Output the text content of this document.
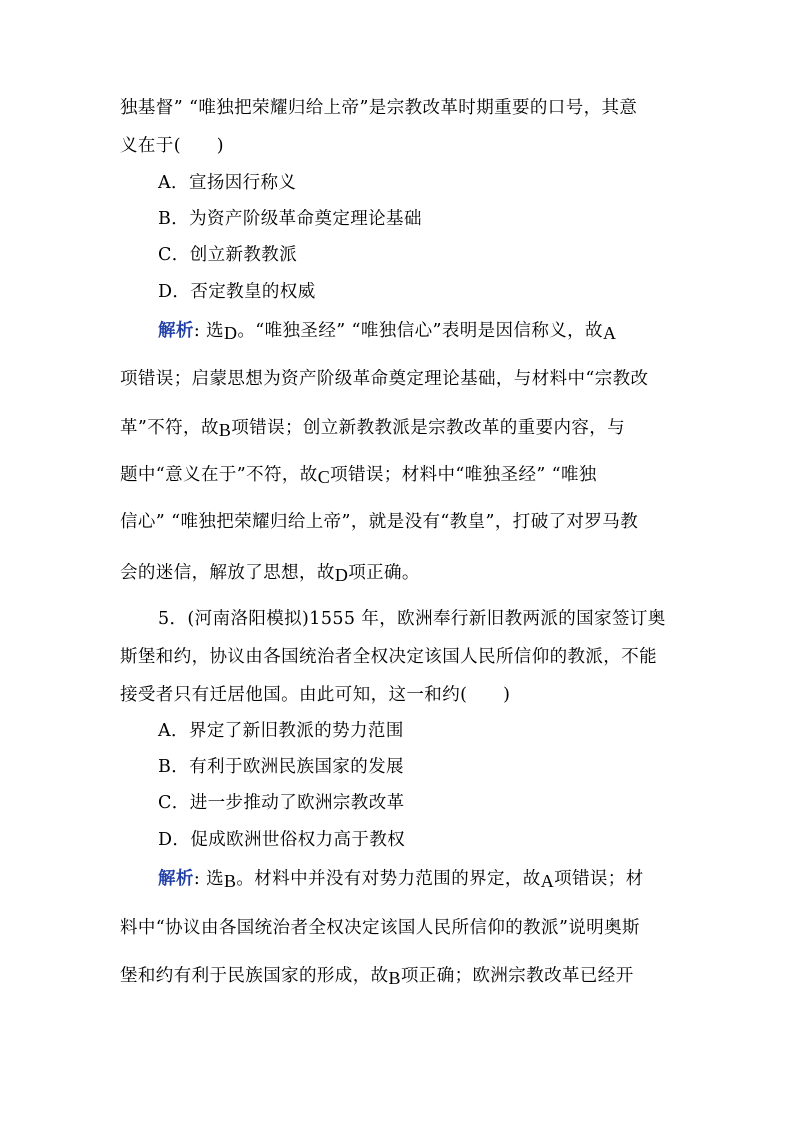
独基督” “唯独把荣耀归给上帝”是宗教改革时期重要的口号，其意
义在于(　　)
A．宣扬因行称义
B．为资产阶级革命奠定理论基础
C．创立新教教派
D．否定教皇的权威
解析: 选D。“唯独圣经” “唯独信心”表明是因信称义，故A
项错误；启蒙思想为资产阶级革命奠定理论基础，与材料中“宗教改
革”不符，故B项错误；创立新教教派是宗教改革的重要内容，与
题中“意义在于”不符，故C项错误；材料中“唯独圣经” “唯独
信心” “唯独把荣耀归给上帝”，就是没有“教皇”，打破了对罗马教
会的迷信，解放了思想，故D项正确。
5．(河南洛阳模拟)1555 年，欧洲奉行新旧教两派的国家签订奥
斯堡和约，协议由各国统治者全权决定该国人民所信仰的教派，不能
接受者只有迁居他国。由此可知，这一和约(　　)
A．界定了新旧教派的势力范围
B．有利于欧洲民族国家的发展
C．进一步推动了欧洲宗教改革
D．促成欧洲世俗权力高于教权
解析: 选B。材料中并没有对势力范围的界定，故A项错误；材
料中“协议由各国统治者全权决定该国人民所信仰的教派”说明奥斯
堡和约有利于民族国家的形成，故B项正确；欧洲宗教改革已经开
